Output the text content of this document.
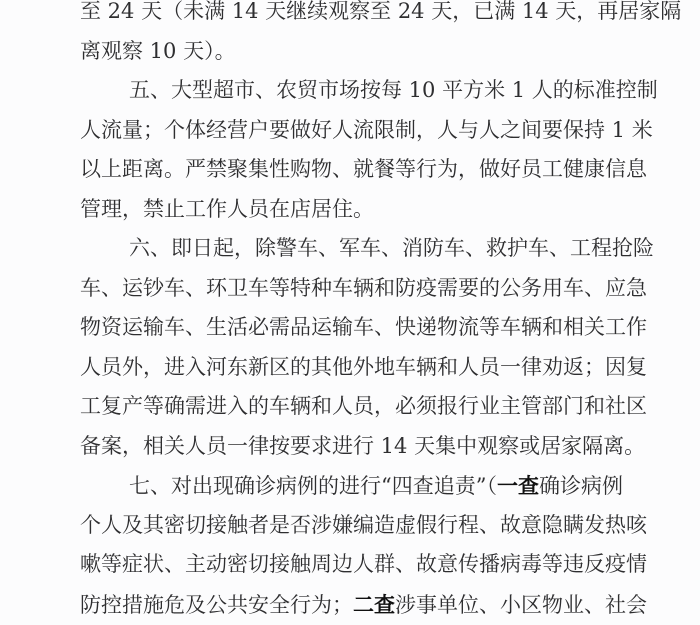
至 24 天（未满 14 天继续观察至 24 天，已满 14 天，再居家隔
离观察 10 天）。
五、大型超市、农贸市场按每 10 平方米 1 人的标准控制
人流量；个体经营户要做好人流限制，人与人之间要保持 1 米
以上距离。严禁聚集性购物、就餐等行为，做好员工健康信息
管理，禁止工作人员在店居住。
六、即日起，除警车、军车、消防车、救护车、工程抢险
车、运钞车、环卫车等特种车辆和防疫需要的公务用车、应急
物资运输车、生活必需品运输车、快递物流等车辆和相关工作
人员外，进入河东新区的其他外地车辆和人员一律劝返；因复
工复产等确需进入的车辆和人员，必须报行业主管部门和社区
备案，相关人员一律按要求进行 14 天集中观察或居家隔离。
七、对出现确诊病例的进行“四查追责”（一查确诊病例
个人及其密切接触者是否涉嫌编造虚假行程、故意隐瞒发热咳
嗽等症状、主动密切接触周边人群、故意传播病毒等违反疫情
防控措施危及公共安全行为；二查涉事单位、小区物业、社会
